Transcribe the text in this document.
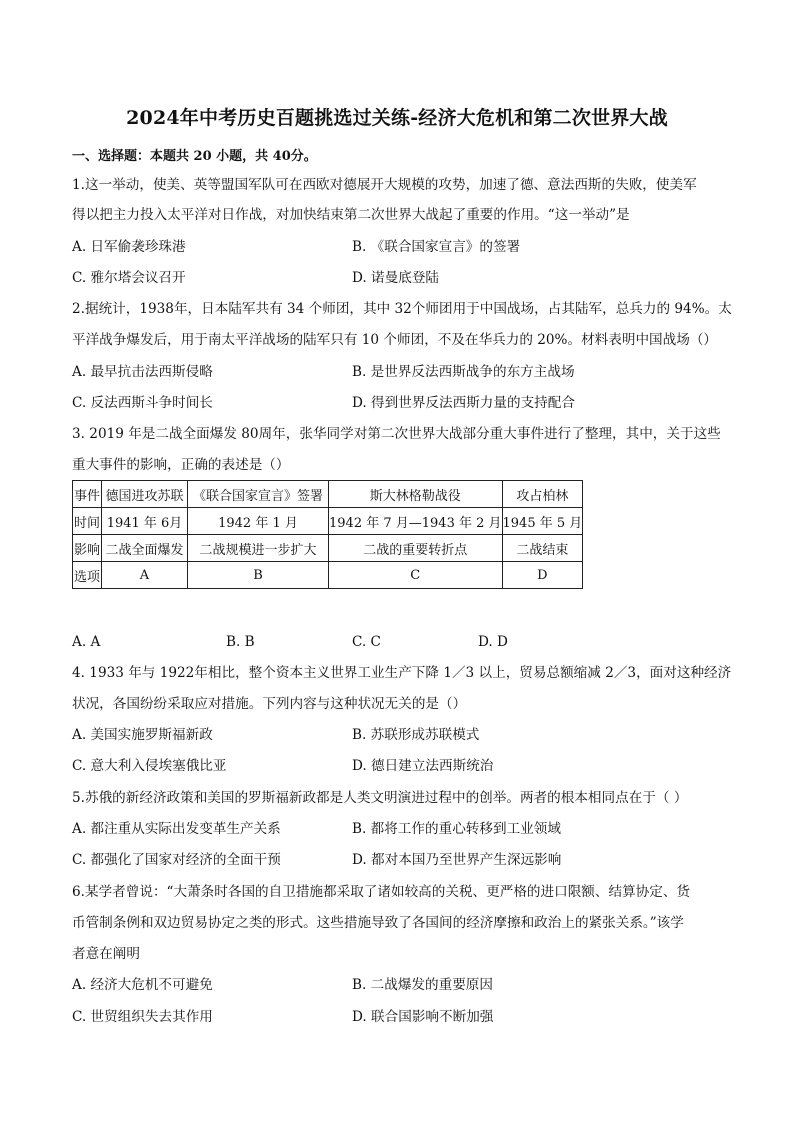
2024年中考历史百题挑选过关练-经济大危机和第二次世界大战
一、选择题：本题共 20 小题，共 40分。
1.这一举动，使美、英等盟国军队可在西欧对德展开大规模的攻势，加速了德、意法西斯的失败，使美军
得以把主力投入太平洋对日作战，对加快结束第二次世界大战起了重要的作用。“这一举动”是
A. 日军偷袭珍珠港	B. 《联合国家宣言》的签署
C. 雅尔塔会议召开	D. 诺曼底登陆
2.据统计，1938年，日本陆军共有 34 个师团，其中 32个师团用于中国战场，占其陆军，总兵力的 94%。太
平洋战争爆发后，用于南太平洋战场的陆军只有 10 个师团，不及在华兵力的 20%。材料表明中国战场（）
A. 最早抗击法西斯侵略	B. 是世界反法西斯战争的东方主战场
C. 反法西斯斗争时间长	D. 得到世界反法西斯力量的支持配合
3. 2019 年是二战全面爆发 80周年，张华同学对第二次世界大战部分重大事件进行了整理，其中，关于这些
重大事件的影响，正确的表述是（）
事件	德国进攻苏联	《联合国家宣言》签署	斯大林格勒战役	攻占柏林
时间	1941 年 6月	1942 年 1 月	1942 年 7 月—1943 年 2 月	1945 年 5 月
影响	二战全面爆发	二战规模进一步扩大	二战的重要转折点	二战结束
选项	A	B	C	D
A. A	B. B	C. C	D. D
4. 1933 年与 1922年相比，整个资本主义世界工业生产下降 1／3 以上，贸易总额缩减 2／3，面对这种经济
状况，各国纷纷采取应对措施。下列内容与这种状况无关的是（）
A. 美国实施罗斯福新政	B. 苏联形成苏联模式
C. 意大利入侵埃塞俄比亚	D. 德日建立法西斯统治
5.苏俄的新经济政策和美国的罗斯福新政都是人类文明演进过程中的创举。两者的根本相同点在于（ ）
A. 都注重从实际出发变革生产关系	B. 都将工作的重心转移到工业领域
C. 都强化了国家对经济的全面干预	D. 都对本国乃至世界产生深远影响
6.某学者曾说：“大萧条时各国的自卫措施都采取了诸如较高的关税、更严格的进口限额、结算协定、货
币管制条例和双边贸易协定之类的形式。这些措施导致了各国间的经济摩擦和政治上的紧张关系。”该学
者意在阐明
A. 经济大危机不可避免	B. 二战爆发的重要原因
C. 世贸组织失去其作用	D. 联合国影响不断加强
